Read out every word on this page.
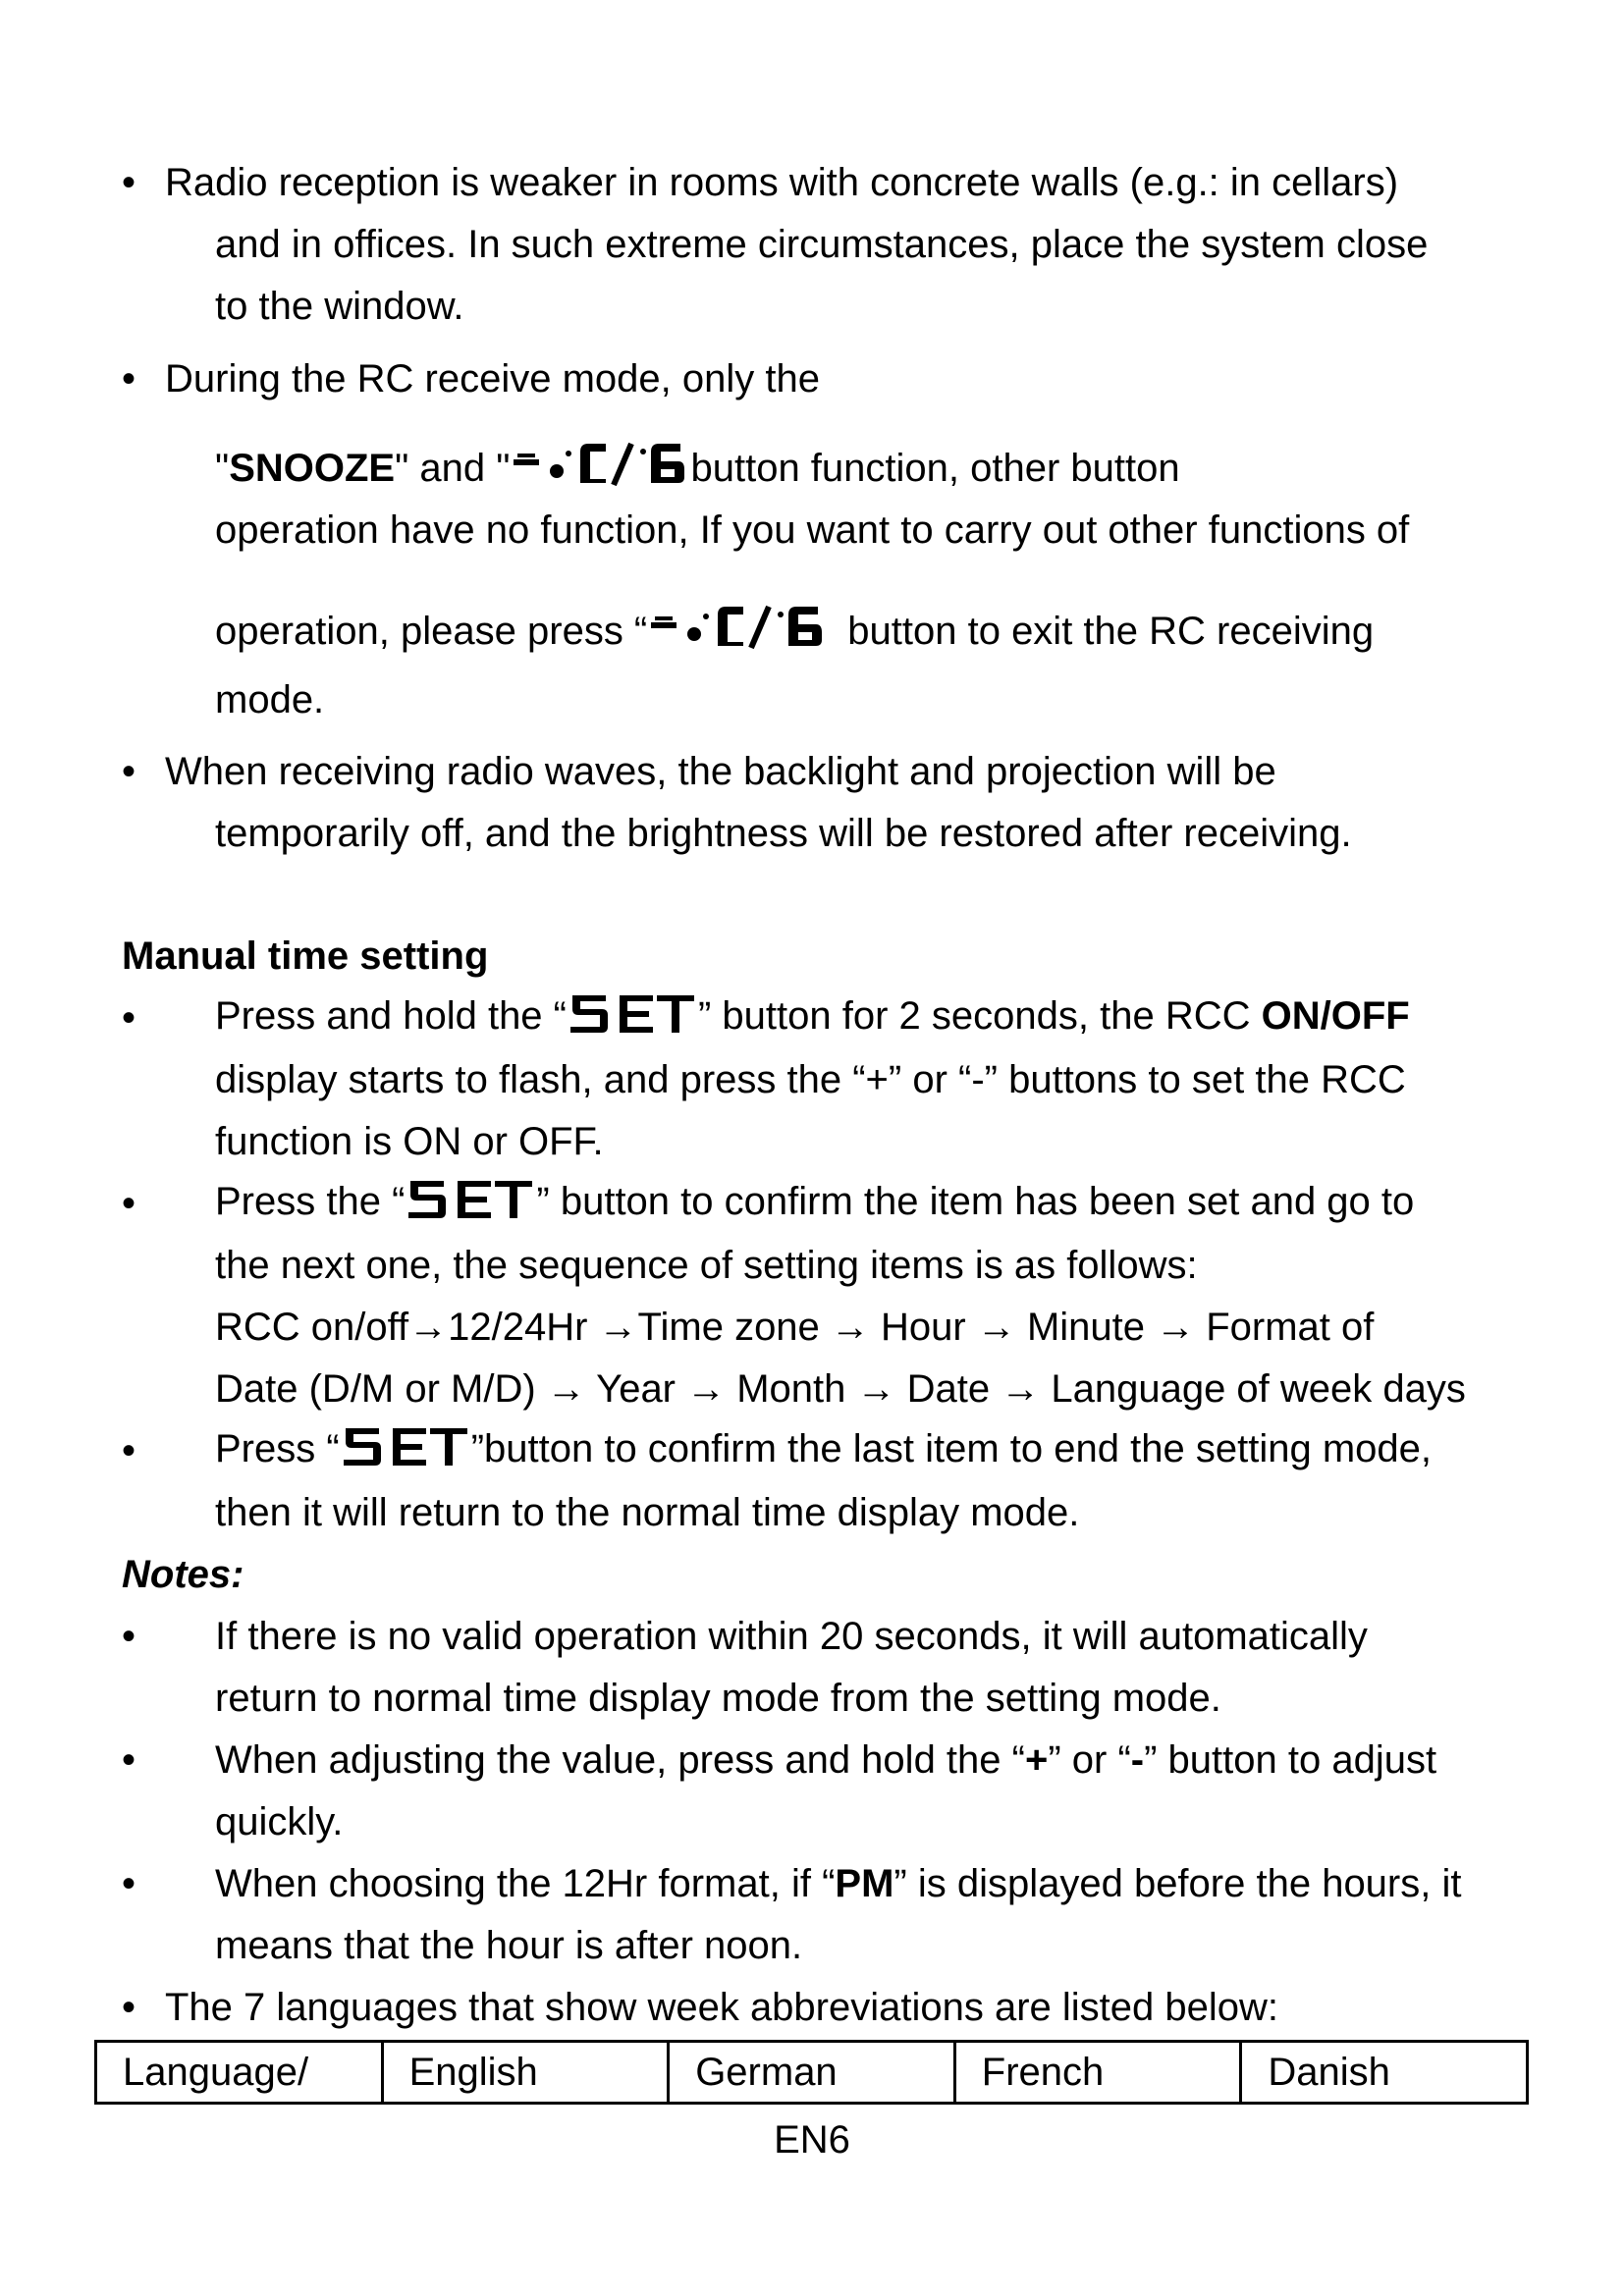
• Radio reception is weaker in rooms with concrete walls (e.g.: in cellars)
and in offices. In such extreme circumstances, place the system close
to the window.
• During the RC receive mode, only the
"SNOOZE" and "	button function, other button
operation have no function, If you want to carry out other functions of
operation, please press “	button to exit the RC receiving
mode.
• When receiving radio waves, the backlight and projection will be
temporarily off, and the brightness will be restored after receiving.
Manual time setting
• Press and hold the “	” button for 2 seconds, the RCC ON/OFF
display starts to flash, and press the “+” or “-” buttons to set the RCC
function is ON or OFF.
• Press the “	” button to confirm the item has been set and go to
the next one, the sequence of setting items is as follows:
RCC on/off→12/24Hr →Time zone → Hour → Minute → Format of
Date (D/M or M/D) → Year → Month → Date → Language of week days
• Press “	”button to confirm the last item to end the setting mode,
then it will return to the normal time display mode.
Notes:
• If there is no valid operation within 20 seconds, it will automatically
return to normal time display mode from the setting mode.
• When adjusting the value, press and hold the “+” or “-” button to adjust
quickly.
• When choosing the 12Hr format, if “PM” is displayed before the hours, it
means that the hour is after noon.
• The 7 languages that show week abbreviations are listed below:
Language/	English	German	French	Danish
EN6
